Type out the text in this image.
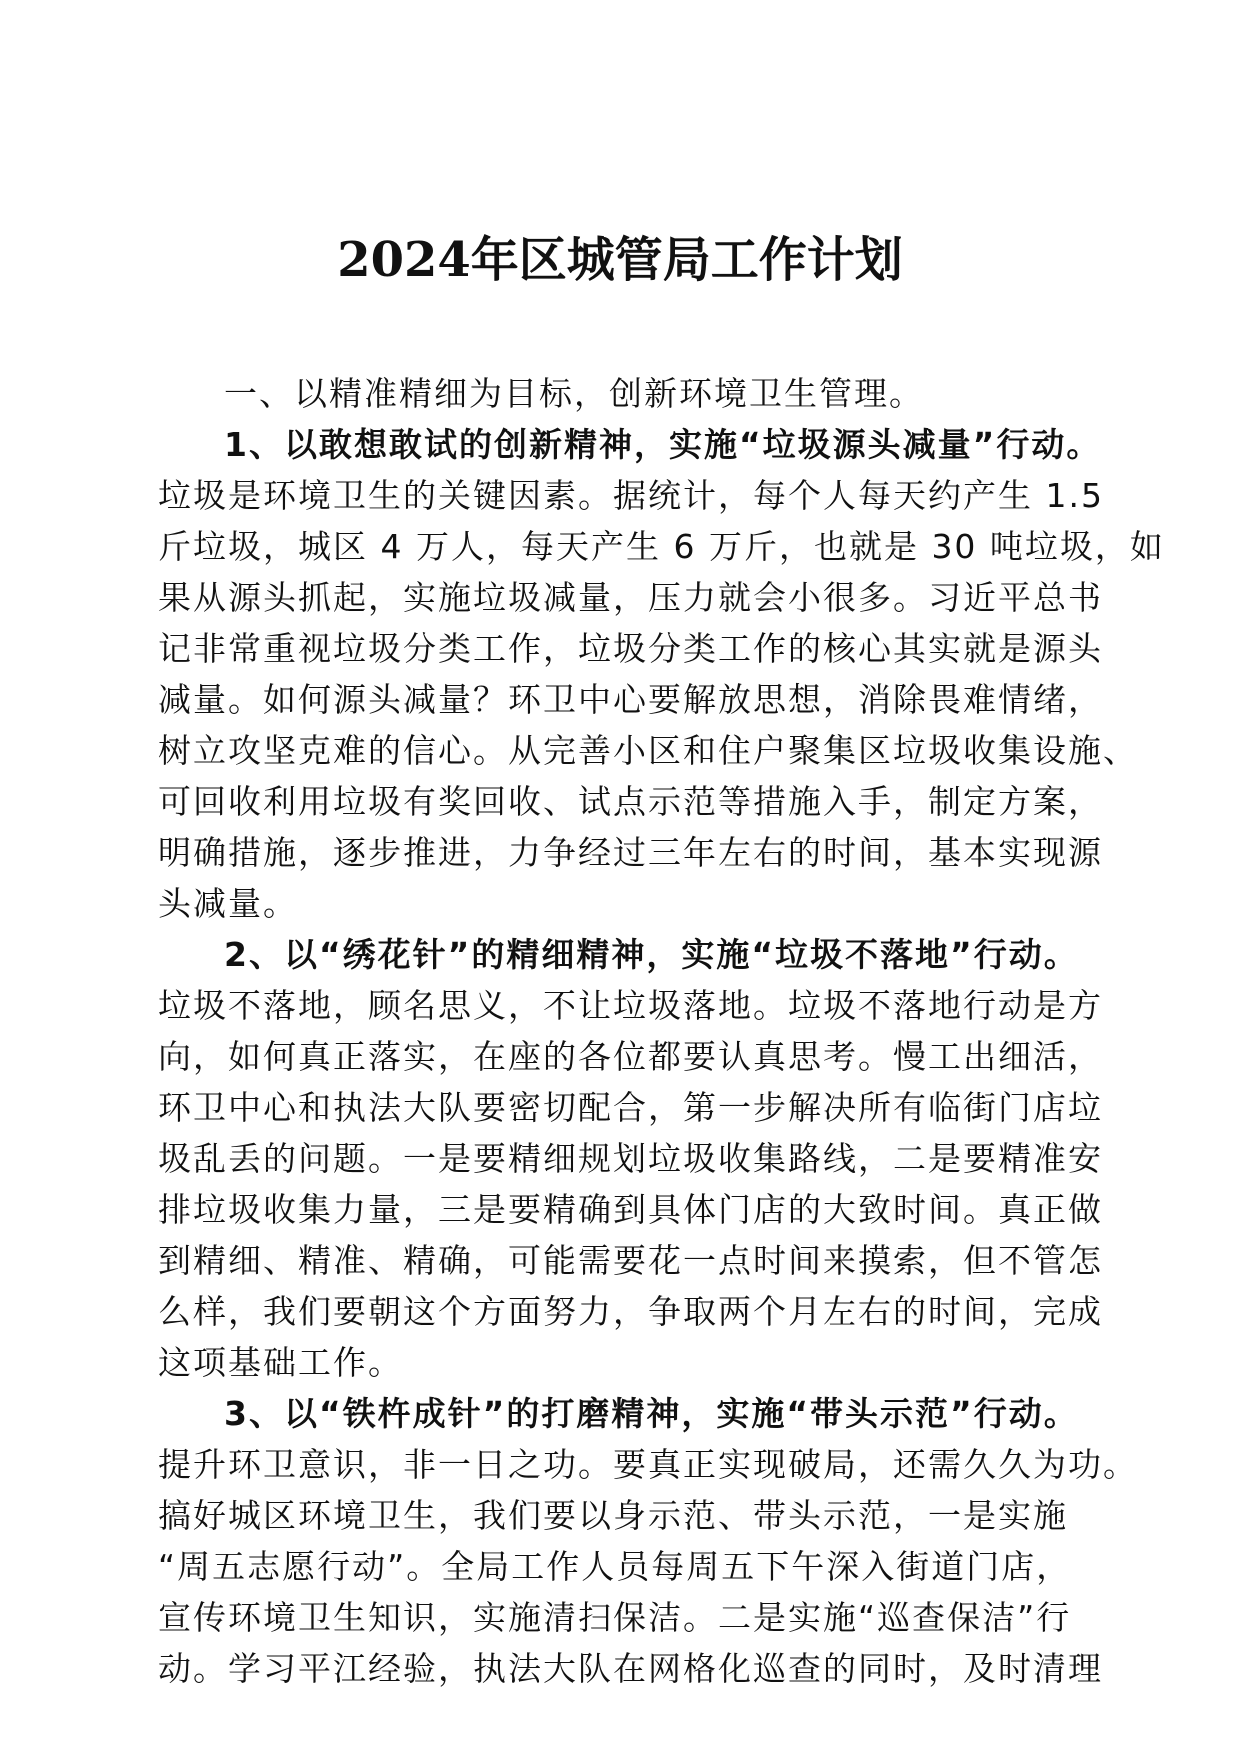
2024年区城管局工作计划
一、以精准精细为目标，创新环境卫生管理。
1、以敢想敢试的创新精神，实施“垃圾源头减量”行动。
垃圾是环境卫生的关键因素。据统计，每个人每天约产生 1.5
斤垃圾，城区 4 万人，每天产生 6 万斤，也就是 30 吨垃圾，如
果从源头抓起，实施垃圾减量，压力就会小很多。习近平总书
记非常重视垃圾分类工作，垃圾分类工作的核心其实就是源头
减量。如何源头减量？环卫中心要解放思想，消除畏难情绪，
树立攻坚克难的信心。从完善小区和住户聚集区垃圾收集设施、
可回收利用垃圾有奖回收、试点示范等措施入手，制定方案，
明确措施，逐步推进，力争经过三年左右的时间，基本实现源
头减量。
2、以“绣花针”的精细精神，实施“垃圾不落地”行动。
垃圾不落地，顾名思义，不让垃圾落地。垃圾不落地行动是方
向，如何真正落实，在座的各位都要认真思考。慢工出细活，
环卫中心和执法大队要密切配合，第一步解决所有临街门店垃
圾乱丢的问题。一是要精细规划垃圾收集路线，二是要精准安
排垃圾收集力量，三是要精确到具体门店的大致时间。真正做
到精细、精准、精确，可能需要花一点时间来摸索，但不管怎
么样，我们要朝这个方面努力，争取两个月左右的时间，完成
这项基础工作。
3、以“铁杵成针”的打磨精神，实施“带头示范”行动。
提升环卫意识，非一日之功。要真正实现破局，还需久久为功。
搞好城区环境卫生，我们要以身示范、带头示范，一是实施
“周五志愿行动”。全局工作人员每周五下午深入街道门店，
宣传环境卫生知识，实施清扫保洁。二是实施“巡查保洁”行
动。学习平江经验，执法大队在网格化巡查的同时，及时清理
